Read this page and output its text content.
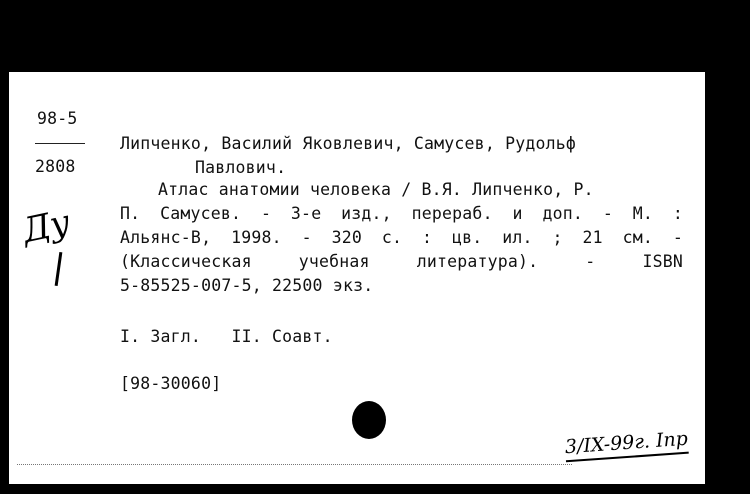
98-5
2808
Липченко, Василий Яковлевич, Самусев, Рудольф
Павлович.
Атлас анатомии человека / В.Я. Липченко, Р.
П. Самусев. - 3-е изд., перераб. и доп. - М. :
Альянс-В, 1998. - 320 с. : цв. ил. ; 21 см. -
(Классическая учебная литература). - ISBN
5-85525-007-5, 22500 экз.
I. Загл.   II. Соавт.
[98-30060]
Ду
3/IX-99г. Inp
